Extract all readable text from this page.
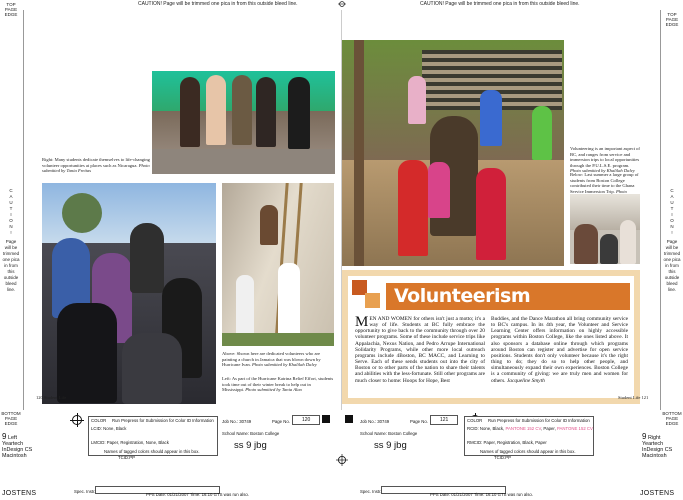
CAUTION! Page will be trimmed one pica in from this outside bleed line.	CAUTION! Page will be trimmed one pica in from this outside bleed line.
TOP
PAGE
EDGE	TOP
PAGE
EDGE
C
A
U
T
I
O
N
!
Page
will be
trimmed
one pica
in from
this
outside
bleed
line.
C
A
U
T
I
O
N
!
Page
will be
trimmed
one pica
in from
this
outside
bleed
line.
Right: Many students dedicate themselves to life-changing volunteer opportunities at places such as Nicaragua. Photo submitted by Tania Freitas
Above: Shown here are dedicated volunteers who are painting a church in Jamaica that was blown down by Hurricane Ivan. Photo submitted by Khalilah Daley
Left: As part of the Hurricane Katrina Relief Effort, students took time out of their winter break to help out in Mississippi. Photo submitted by Tania Alao
Volunteering is an important aspect of BC, and ranges from service and immersion trips to local opportunities through the P.U.L.S.E. program. Photo submitted by Khalilah Daley
Below: Last summer a large group of students from Boston College contributed their time to the Ghana Service Immersion Trip. Photo
Volunteerism
MEN AND WOMEN for others isn't just a motto; it's a way of life. Students at BC fully embrace the opportunity to give back to the community through over 20 volunteer programs. Some of these include service trips like Appalachia, Nexus Nation, and Pedro Arrupe International Solidarity Programs, while other more local outreach programs include 4Boston, BC MACC, and Learning to Serve. Each of these sends students out into the city of Boston or to other parts of the nation to share their talents and abilities with the less-fortunate. Still other programs are much closer to home: Hoops for Hope, Best
Buddies, and the Dance Marathon all bring community service to BC's campus. In its 4th year, the Volunteer and Service Learning Center offers information on highly accessible programs within Boston College, like the ones listed above. It also sponsors a database online through which programs around Boston can register and advertise for open service positions. Students don't only volunteer because it's the right thing to do; they do so to help other people, and simultaneously expand their own experiences. Boston College is a community of giving: we are truly men and women for others. Jacqueline Smyth
120 Student Life	Student Life 121
BOTTOM
PAGE
EDGE
BOTTOM
PAGE
EDGE
9 Left
Yeartech
InDesign CS
Macintosh
JOSTENS
COLOR Run Prepress for Submission for Color ID Information
LCID: None, Black
LMCID: Paper, Registration, None, Black
Names of tagged colors should appear in this box.
TCID:PP
Spec. Instr.
Job No.: 30749	Page No. 120
School Name: Boston College
ss 9 jbg
PPS Date: 01/21/2007 Time: 16:10 GTS was run also.
Job No.: 30749	Page No. 121
School Name: Boston College
ss 9 jbg
COLOR Run Prepress for Submission for Color ID Information
RCID: None, Black, PANTONE 152 CV, Paper, PANTONE 152 CV
RMCID: Paper, Registration, Black, Paper
Names of tagged colors should appear in this box.
TCID:PP
Spec. Instr.
PPS Date: 01/21/2007 Time: 16:10 GTS was run also.
9 Right
Yeartech
InDesign CS
Macintosh
JOSTENS
